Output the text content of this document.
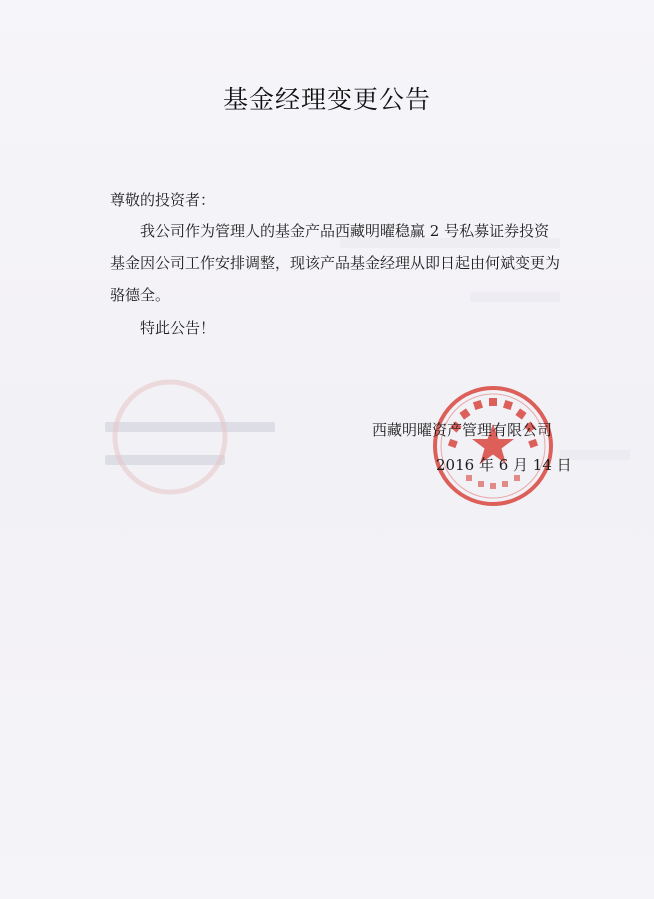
基金经理变更公告
尊敬的投资者：
我公司作为管理人的基金产品西藏明曜稳赢 2 号私募证券投资
基金因公司工作安排调整，现该产品基金经理从即日起由何斌变更为
骆德全。
特此公告！
西藏明曜资产管理有限公司
2016 年 6 月 14 日
